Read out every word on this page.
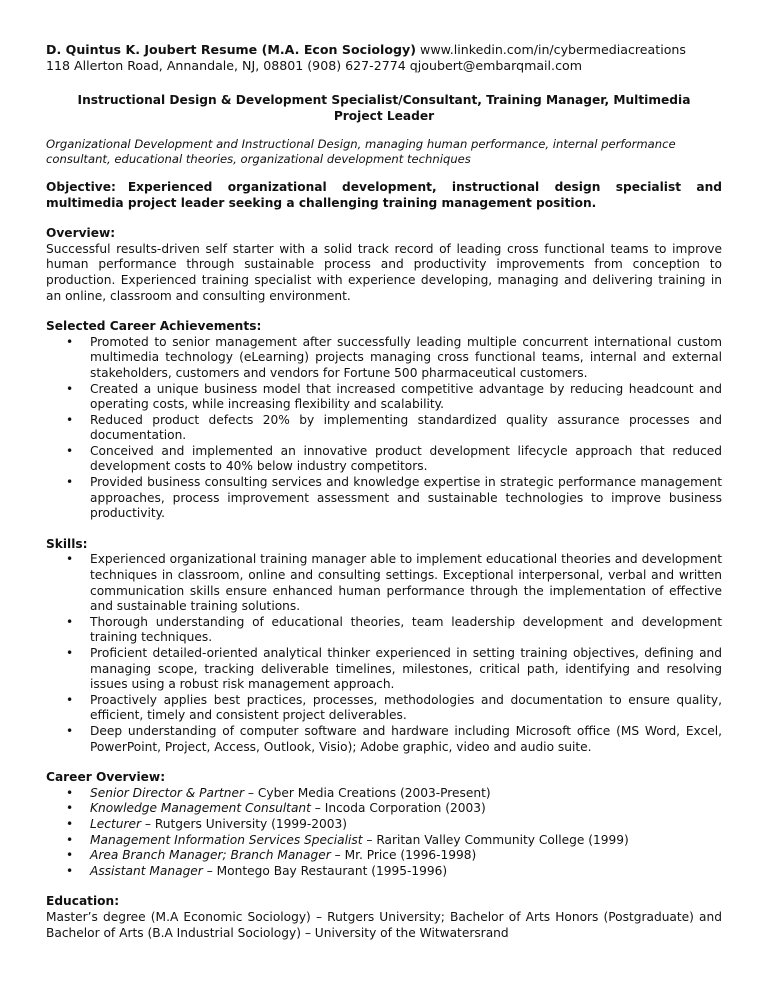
D. Quintus K. Joubert Resume (M.A. Econ Sociology) www.linkedin.com/in/cybermediacreations
118 Allerton Road, Annandale, NJ, 08801 (908) 627-2774 qjoubert@embarqmail.com
Instructional Design & Development Specialist/Consultant, Training Manager, Multimedia Project Leader
Organizational Development and Instructional Design, managing human performance, internal performance consultant, educational theories, organizational development techniques
Objective: Experienced organizational development, instructional design specialist and multimedia project leader seeking a challenging training management position.
Overview:
Successful results-driven self starter with a solid track record of leading cross functional teams to improve human performance through sustainable process and productivity improvements from conception to production. Experienced training specialist with experience developing, managing and delivering training in an online, classroom and consulting environment.
Selected Career Achievements:
• Promoted to senior management after successfully leading multiple concurrent international custom multimedia technology (eLearning) projects managing cross functional teams, internal and external stakeholders, customers and vendors for Fortune 500 pharmaceutical customers.
• Created a unique business model that increased competitive advantage by reducing headcount and operating costs, while increasing flexibility and scalability.
• Reduced product defects 20% by implementing standardized quality assurance processes and documentation.
• Conceived and implemented an innovative product development lifecycle approach that reduced development costs to 40% below industry competitors.
• Provided business consulting services and knowledge expertise in strategic performance management approaches, process improvement assessment and sustainable technologies to improve business productivity.
Skills:
• Experienced organizational training manager able to implement educational theories and development techniques in classroom, online and consulting settings. Exceptional interpersonal, verbal and written communication skills ensure enhanced human performance through the implementation of effective and sustainable training solutions.
• Thorough understanding of educational theories, team leadership development and development training techniques.
• Proficient detailed-oriented analytical thinker experienced in setting training objectives, defining and managing scope, tracking deliverable timelines, milestones, critical path, identifying and resolving issues using a robust risk management approach.
• Proactively applies best practices, processes, methodologies and documentation to ensure quality, efficient, timely and consistent project deliverables.
• Deep understanding of computer software and hardware including Microsoft office (MS Word, Excel, PowerPoint, Project, Access, Outlook, Visio); Adobe graphic, video and audio suite.
Career Overview:
• Senior Director & Partner – Cyber Media Creations (2003-Present)
• Knowledge Management Consultant – Incoda Corporation (2003)
• Lecturer – Rutgers University (1999-2003)
• Management Information Services Specialist – Raritan Valley Community College (1999)
• Area Branch Manager; Branch Manager – Mr. Price (1996-1998)
• Assistant Manager – Montego Bay Restaurant (1995-1996)
Education:
Master’s degree (M.A Economic Sociology) – Rutgers University; Bachelor of Arts Honors (Postgraduate) and Bachelor of Arts (B.A Industrial Sociology) – University of the Witwatersrand
